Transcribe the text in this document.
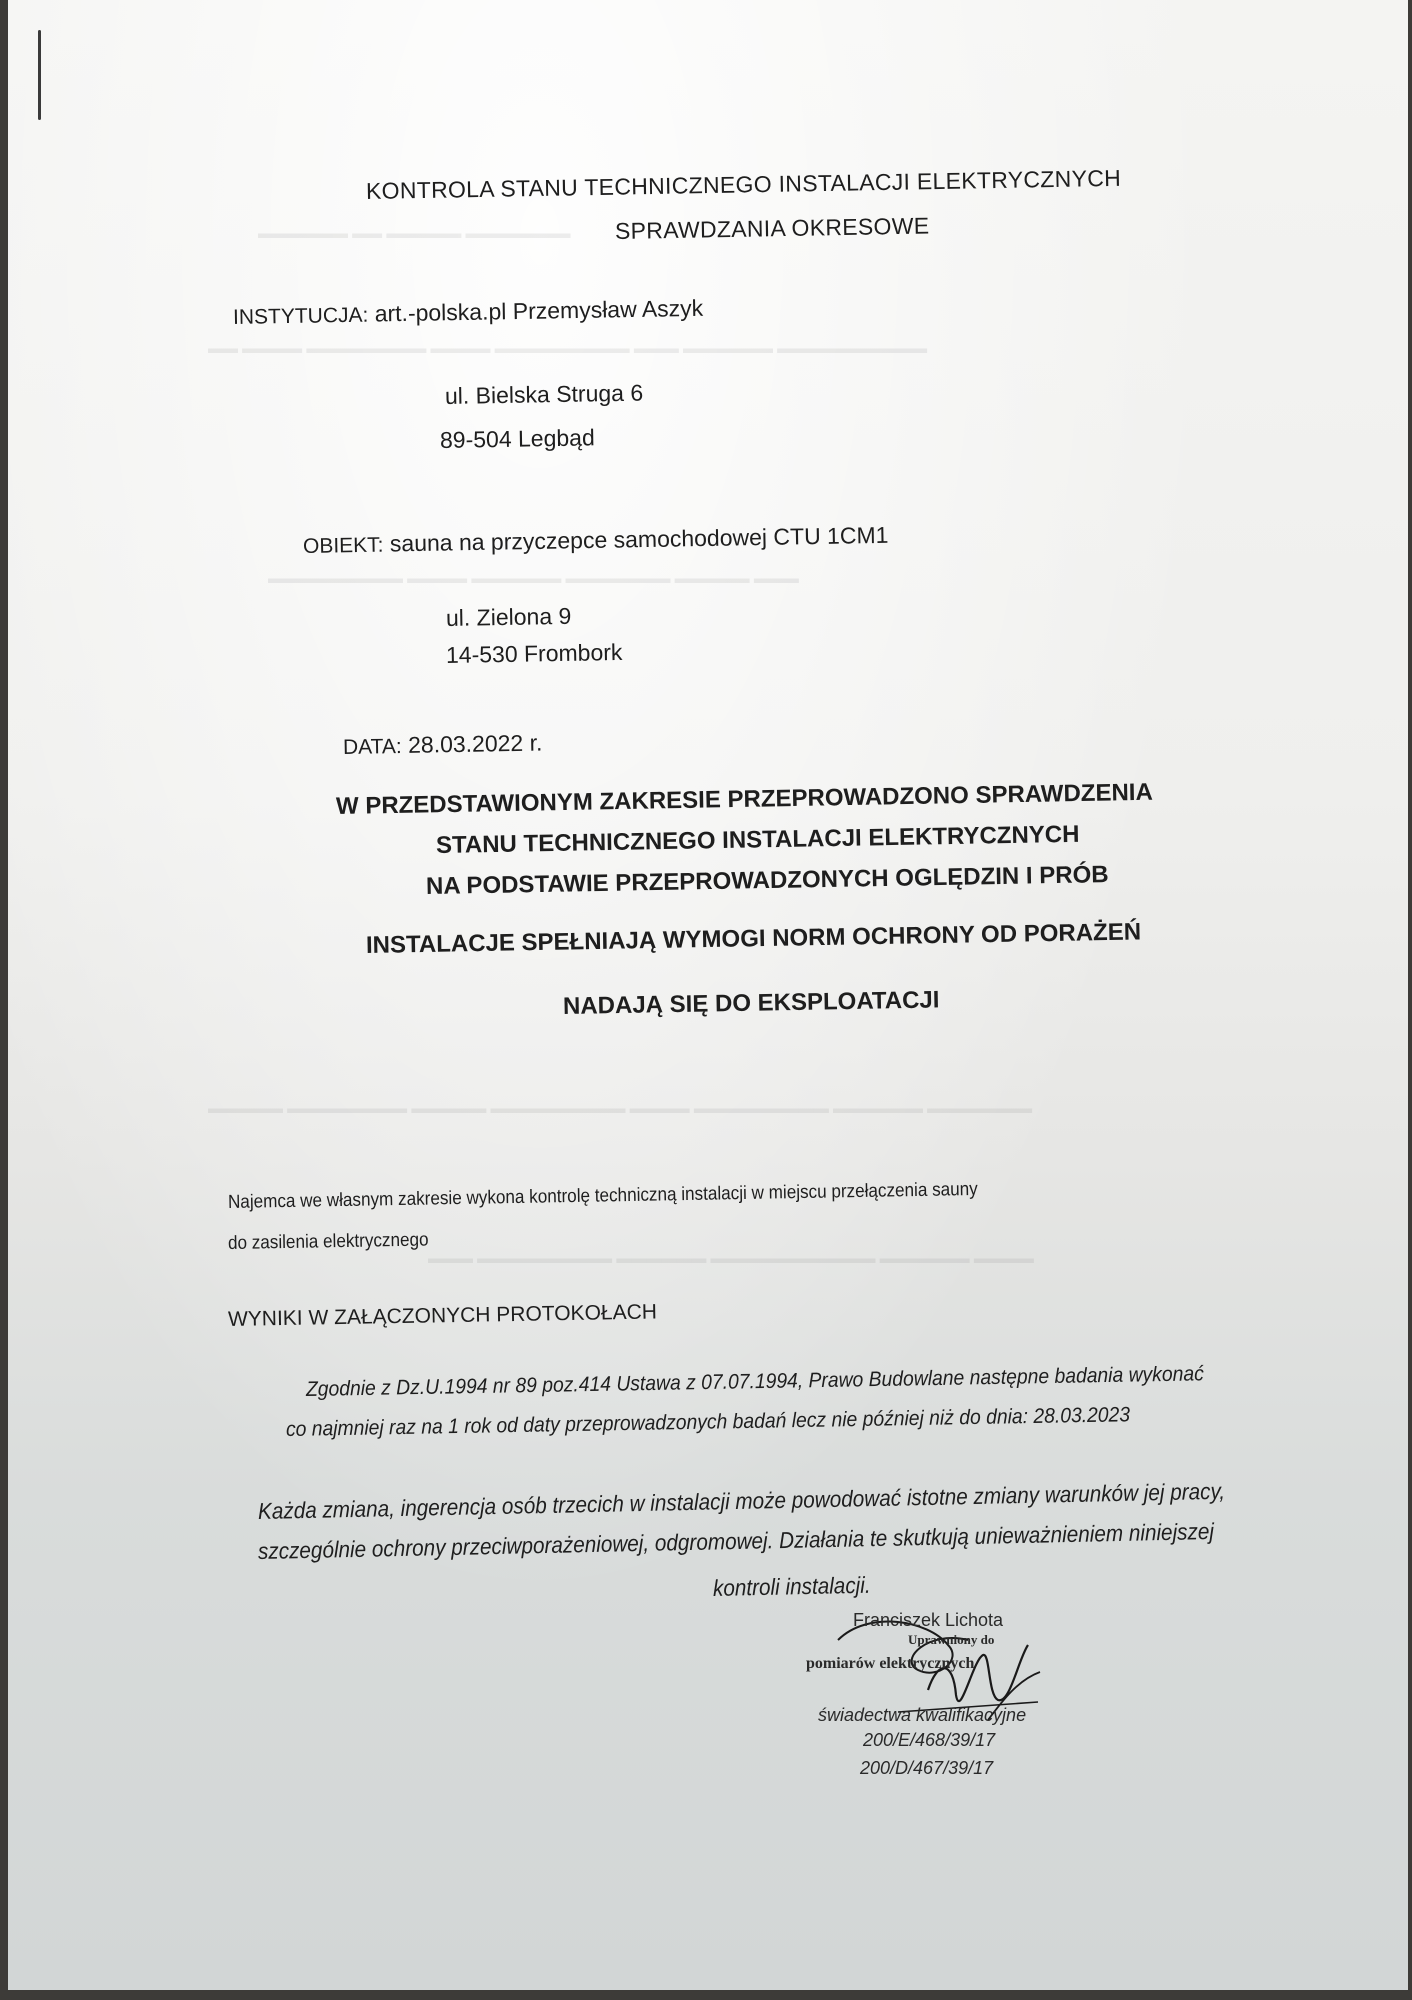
▬▬▬▬▬▬ ▬▬ ▬▬▬▬▬ ▬▬▬▬▬▬▬
▬▬ ▬▬▬▬ ▬▬▬▬▬▬▬▬ ▬▬▬▬ ▬▬▬▬▬▬▬▬▬ ▬▬▬ ▬▬▬▬▬▬ ▬▬▬▬▬▬▬▬▬▬
▬▬▬▬▬▬▬▬▬ ▬▬▬▬ ▬▬▬▬▬▬ ▬▬▬▬▬▬▬ ▬▬▬▬▬ ▬▬▬
▬▬▬▬▬ ▬▬▬▬▬▬▬▬ ▬▬▬▬▬ ▬▬▬▬▬▬▬▬▬ ▬▬▬▬ ▬▬▬▬▬▬▬▬▬ ▬▬▬▬▬▬ ▬▬▬▬▬▬▬
▬▬▬ ▬▬▬▬▬▬▬▬▬ ▬▬▬▬▬▬ ▬▬▬▬▬▬▬▬▬▬▬ ▬▬▬▬▬▬ ▬▬▬▬
KONTROLA STANU TECHNICZNEGO INSTALACJI ELEKTRYCZNYCH
SPRAWDZANIA OKRESOWE
INSTYTUCJA: art.-polska.pl Przemysław Aszyk
ul. Bielska Struga 6
89-504 Legbąd
OBIEKT: sauna na przyczepce samochodowej CTU 1CM1
ul. Zielona 9
14-530 Frombork
DATA: 28.03.2022 r.
W PRZEDSTAWIONYM ZAKRESIE PRZEPROWADZONO SPRAWDZENIA
STANU TECHNICZNEGO INSTALACJI ELEKTRYCZNYCH
NA PODSTAWIE PRZEPROWADZONYCH OGLĘDZIN I PRÓB
INSTALACJE SPEŁNIAJĄ WYMOGI NORM OCHRONY OD PORAŻEŃ
NADAJĄ SIĘ DO EKSPLOATACJI
Najemca we własnym zakresie wykona kontrolę techniczną instalacji w miejscu przełączenia sauny
do zasilenia elektrycznego
WYNIKI W ZAŁĄCZONYCH PROTOKOŁACH
Zgodnie z Dz.U.1994 nr 89 poz.414 Ustawa z 07.07.1994, Prawo Budowlane następne badania wykonać
co najmniej raz na 1 rok od daty przeprowadzonych badań lecz nie później niż do dnia: 28.03.2023
Każda zmiana, ingerencja osób trzecich w instalacji może powodować istotne zmiany warunków jej pracy,
szczególnie ochrony przeciwporażeniowej, odgromowej. Działania te skutkują unieważnieniem niniejszej
kontroli instalacji.
Franciszek Lichota
Uprawniony do
pomiarów elektrycznych
świadectwa kwalifikacyjne
200/E/468/39/17
200/D/467/39/17
